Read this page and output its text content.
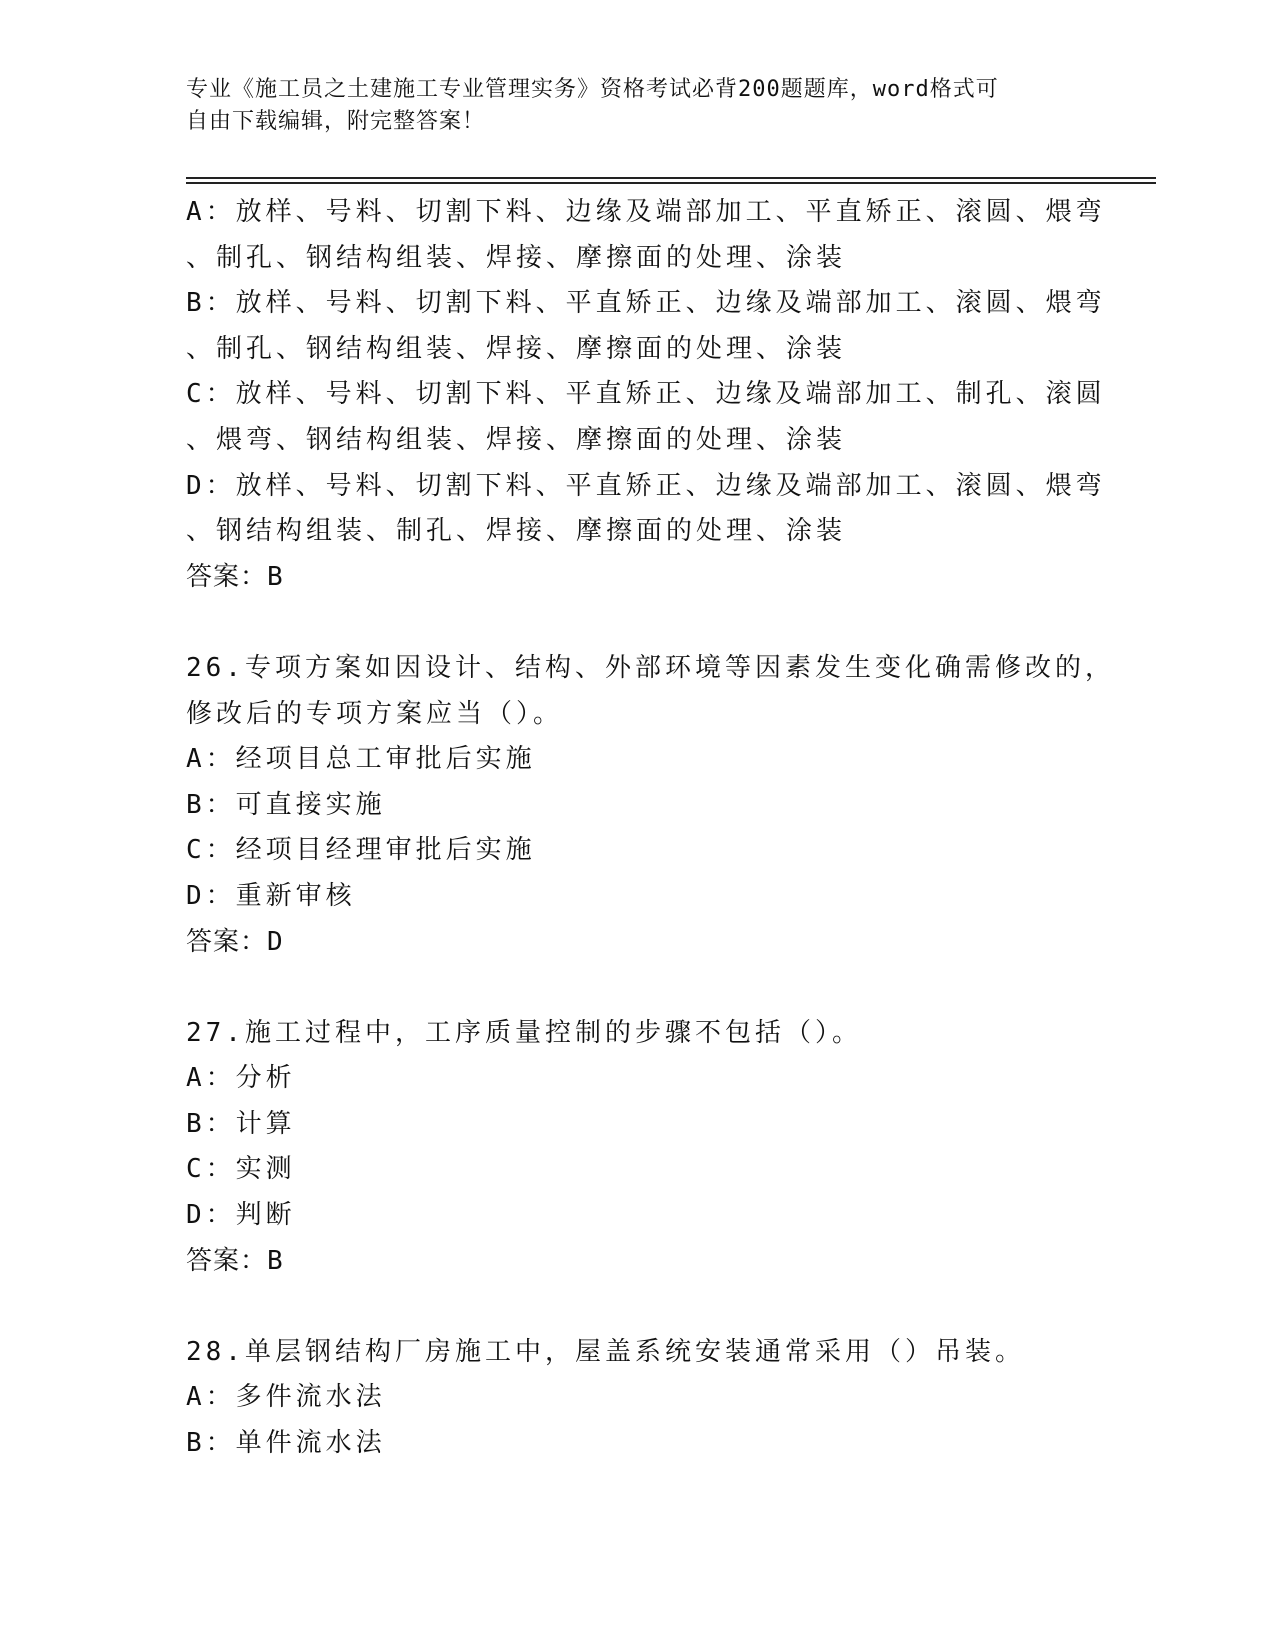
专业《施工员之土建施工专业管理实务》资格考试必背200题题库，word格式可
自由下载编辑，附完整答案！
A：放样、号料、切割下料、边缘及端部加工、平直矫正、滚圆、煨弯
、制孔、钢结构组装、焊接、摩擦面的处理、涂装
B：放样、号料、切割下料、平直矫正、边缘及端部加工、滚圆、煨弯
、制孔、钢结构组装、焊接、摩擦面的处理、涂装
C：放样、号料、切割下料、平直矫正、边缘及端部加工、制孔、滚圆
、煨弯、钢结构组装、焊接、摩擦面的处理、涂装
D：放样、号料、切割下料、平直矫正、边缘及端部加工、滚圆、煨弯
、钢结构组装、制孔、焊接、摩擦面的处理、涂装
答案：B
26.专项方案如因设计、结构、外部环境等因素发生变化确需修改的，
修改后的专项方案应当（）。
A：经项目总工审批后实施
B：可直接实施
C：经项目经理审批后实施
D：重新审核
答案：D
27.施工过程中，工序质量控制的步骤不包括（）。
A：分析
B：计算
C：实测
D：判断
答案：B
28.单层钢结构厂房施工中，屋盖系统安装通常采用（）吊装。
A：多件流水法
B：单件流水法
